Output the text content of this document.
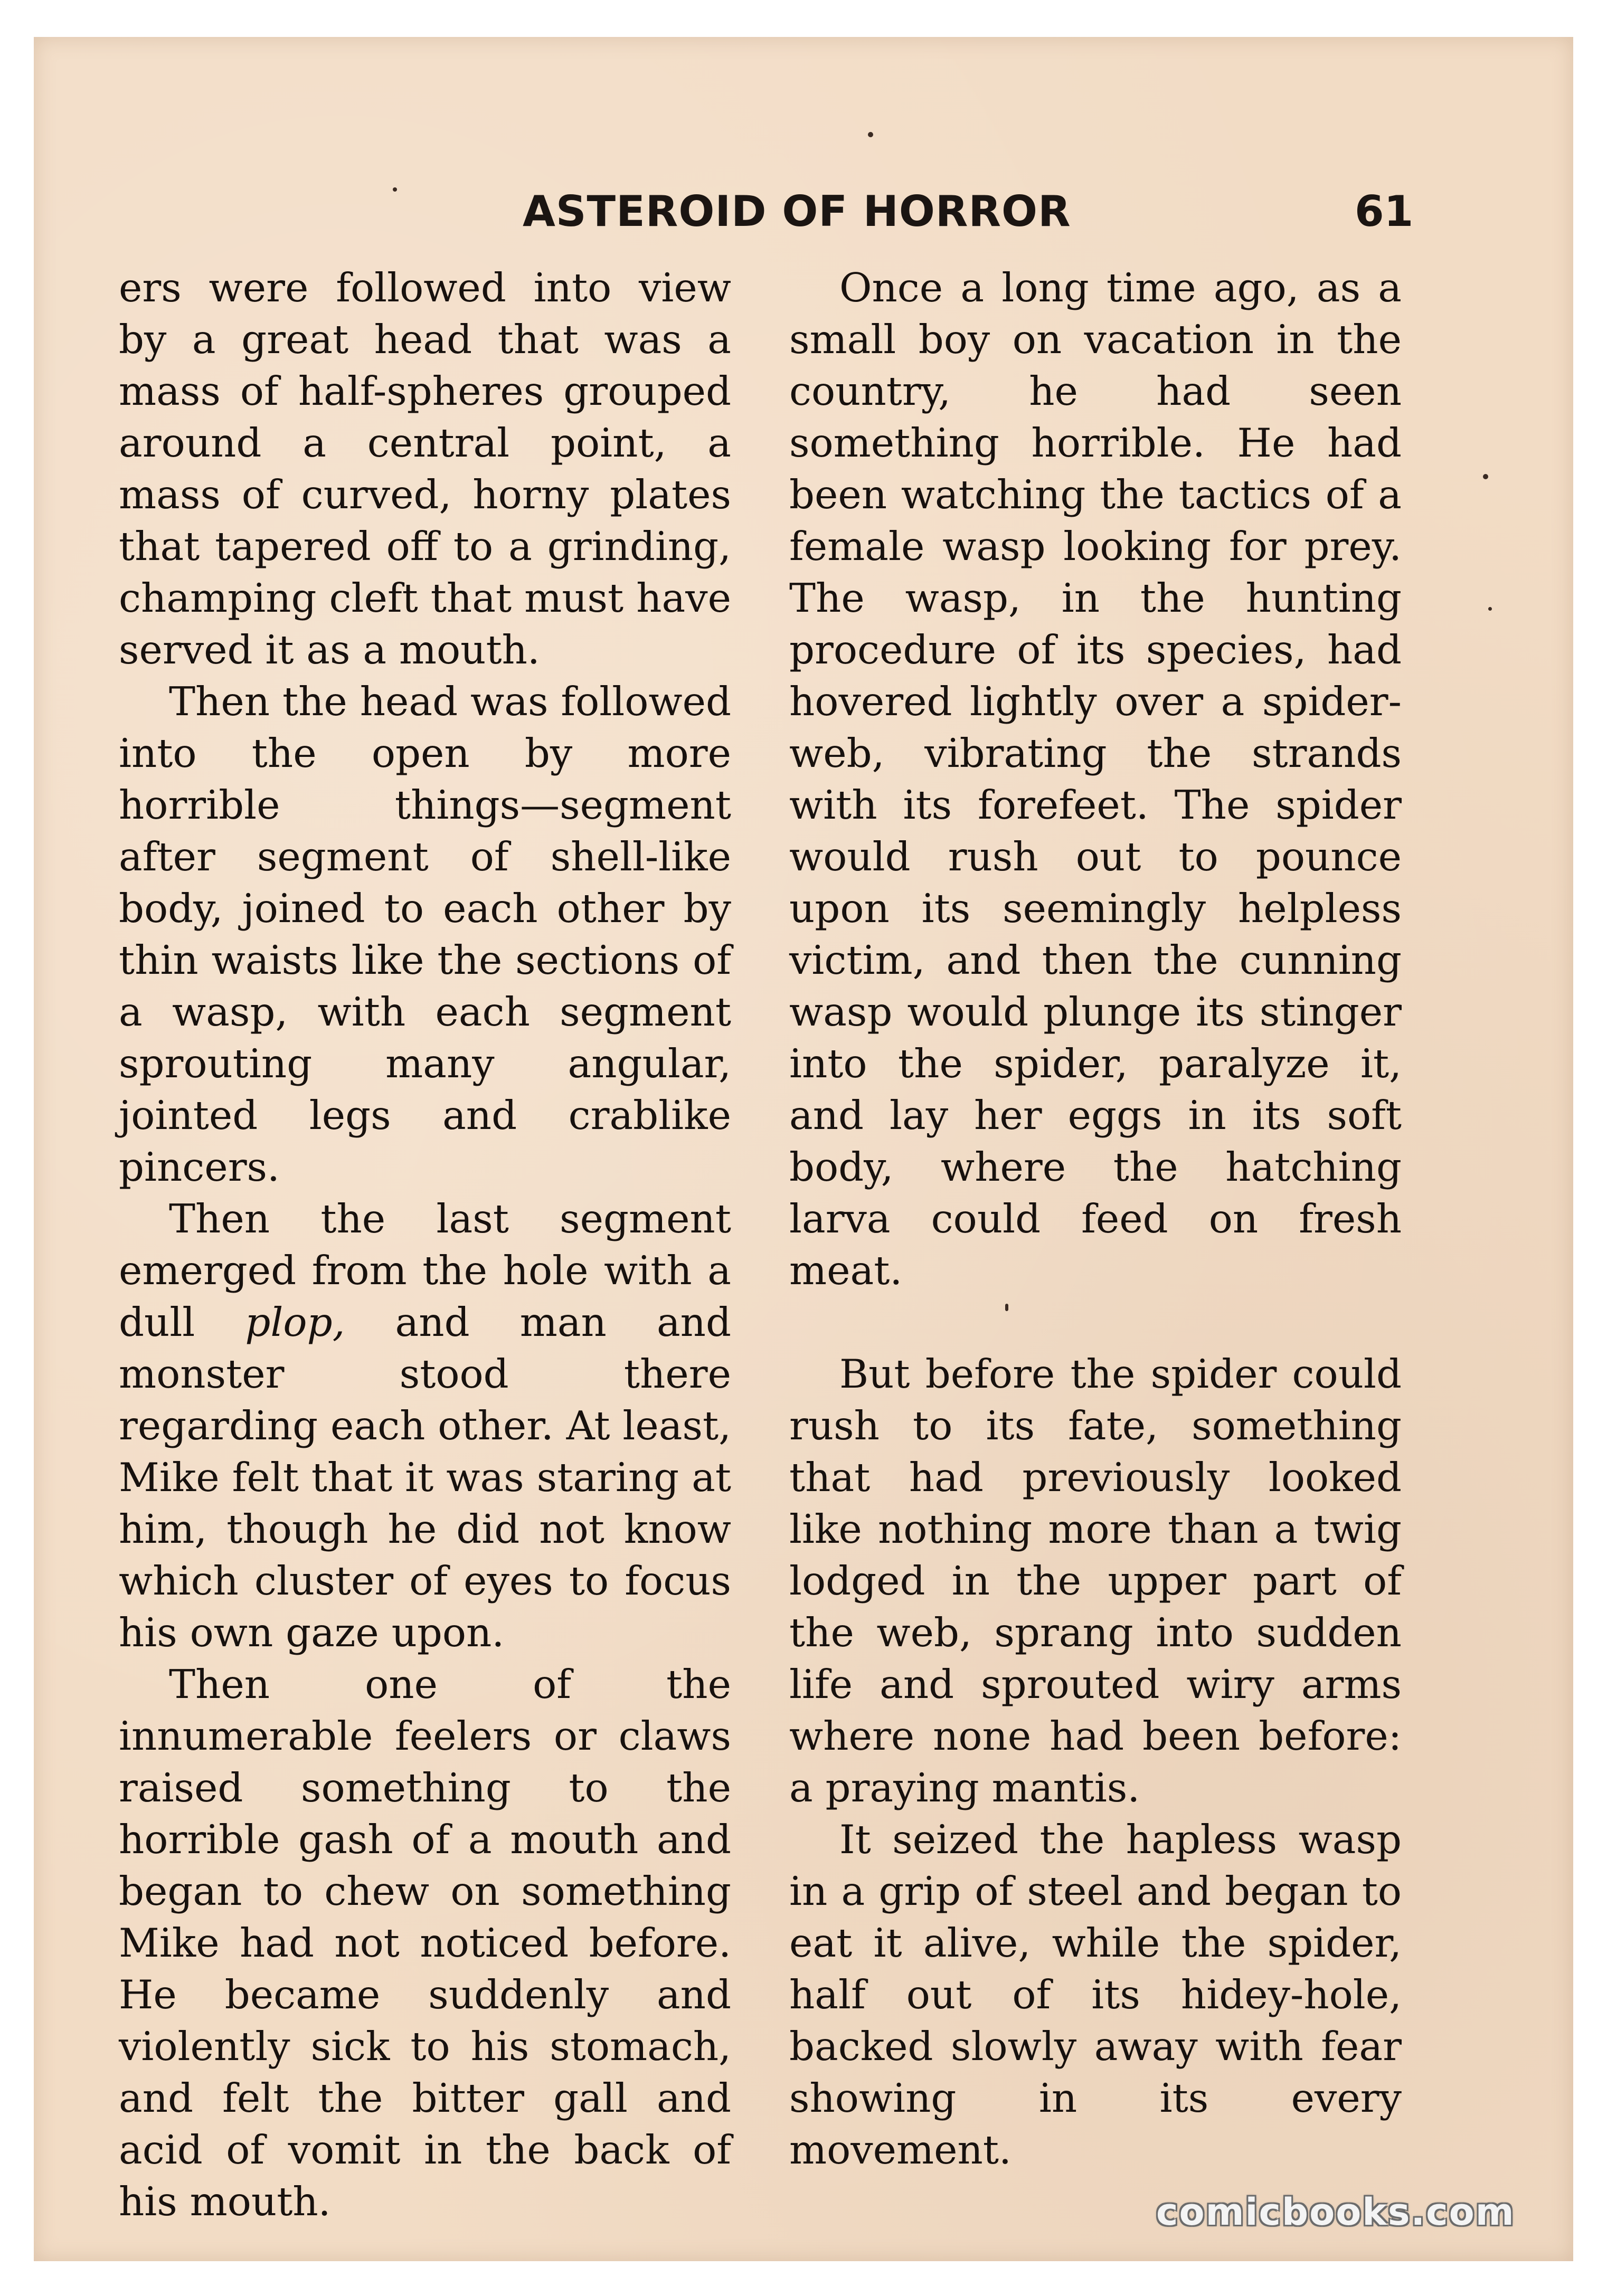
ASTEROID OF HORROR	61

ers were followed into view by a great head that was a mass of half-spheres grouped around a central point, a mass of curved, horny plates that tapered off to a grinding, champing cleft that must have served it as a mouth.

Then the head was followed into the open by more horrible things—segment after segment of shell-like body, joined to each other by thin waists like the sections of a wasp, with each segment sprouting many angular, jointed legs and crablike pincers.

Then the last segment emerged from the hole with a dull plop, and man and monster stood there regarding each other. At least, Mike felt that it was staring at him, though he did not know which cluster of eyes to focus his own gaze upon.

Then one of the innumerable feelers or claws raised something to the horrible gash of a mouth and began to chew on something Mike had not noticed before. He became suddenly and violently sick to his stomach, and felt the bitter gall and acid of vomit in the back of his mouth.

Once a long time ago, as a small boy on vacation in the country, he had seen something horrible. He had been watching the tactics of a female wasp looking for prey. The wasp, in the hunting procedure of its species, had hovered lightly over a spider-web, vibrating the strands with its forefeet. The spider would rush out to pounce upon its seemingly helpless victim, and then the cunning wasp would plunge its stinger into the spider, paralyze it, and lay her eggs in its soft body, where the hatching larva could feed on fresh meat.

But before the spider could rush to its fate, something that had previously looked like nothing more than a twig lodged in the upper part of the web, sprang into sudden life and sprouted wiry arms where none had been before: a praying mantis.

It seized the hapless wasp in a grip of steel and began to eat it alive, while the spider, half out of its hidey-hole, backed slowly away with fear showing in its every movement.

comicbooks.com
